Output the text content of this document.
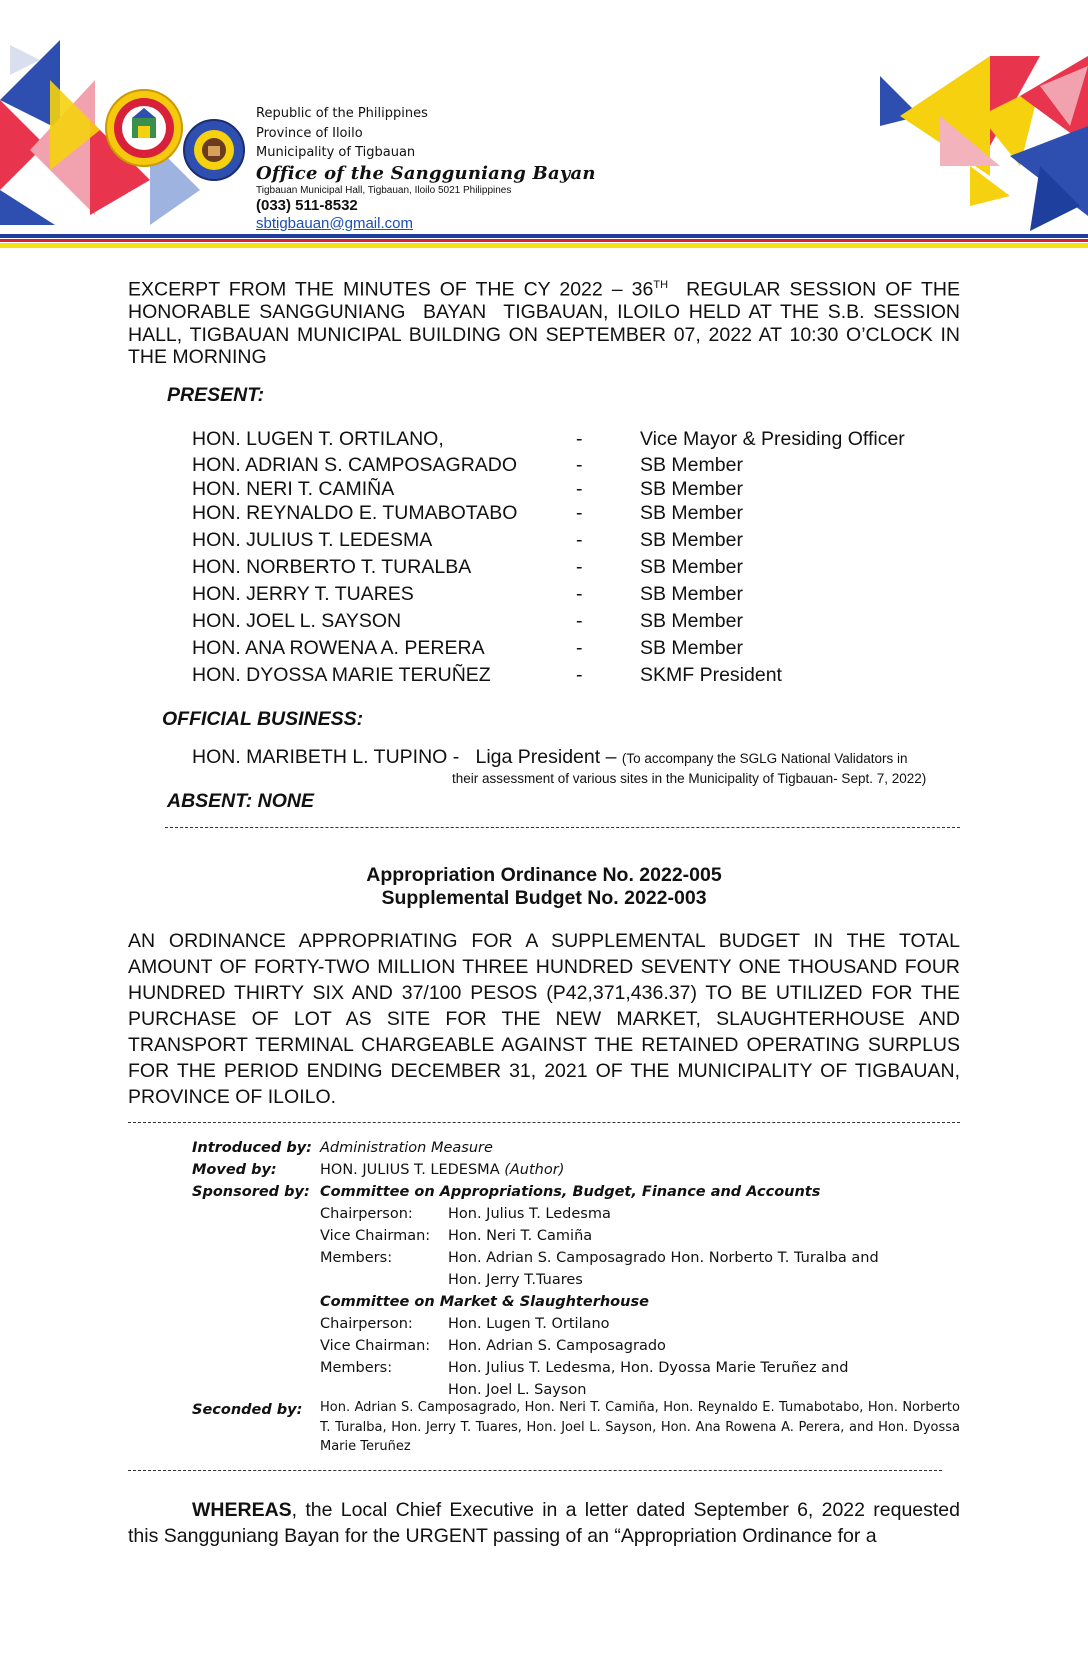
Republic of the Philippines
Province of Iloilo
Municipality of Tigbauan
Office of the Sangguniang Bayan
Tigbauan Municipal Hall, Tigbauan, Iloilo 5021 Philippines
(033) 511-8532
sbtigbauan@gmail.com
EXCERPT FROM THE MINUTES OF THE CY 2022 – 36TH  REGULAR SESSION OF THE HONORABLE SANGGUNIANG  BAYAN  TIGBAUAN, ILOILO HELD AT THE S.B. SESSION HALL, TIGBAUAN MUNICIPAL BUILDING ON SEPTEMBER 07, 2022 AT 10:30 O’CLOCK IN THE MORNING
PRESENT:
HON. LUGEN T. ORTILANO,	-	Vice Mayor & Presiding Officer
HON. ADRIAN S. CAMPOSAGRADO	-	SB Member
HON. NERI T. CAMIÑA	-	SB Member
HON. REYNALDO E. TUMABOTABO	-	SB Member
HON. JULIUS T. LEDESMA	-	SB Member
HON. NORBERTO T. TURALBA	-	SB Member
HON. JERRY T. TUARES	-	SB Member
HON. JOEL L. SAYSON	-	SB Member
HON. ANA ROWENA A. PERERA	-	SB Member
HON. DYOSSA MARIE TERUÑEZ	-	SKMF President
OFFICIAL BUSINESS:
HON. MARIBETH L. TUPINO -   Liga President – (To accompany the SGLG National Validators in
their assessment of various sites in the Municipality of Tigbauan- Sept. 7, 2022)
ABSENT: NONE
Appropriation Ordinance No. 2022-005
Supplemental Budget No. 2022-003
AN ORDINANCE APPROPRIATING FOR A SUPPLEMENTAL BUDGET IN THE TOTAL AMOUNT OF FORTY-TWO MILLION THREE HUNDRED SEVENTY ONE THOUSAND FOUR HUNDRED THIRTY SIX AND 37/100 PESOS (P42,371,436.37) TO BE UTILIZED FOR THE PURCHASE OF LOT AS SITE FOR THE NEW MARKET, SLAUGHTERHOUSE AND TRANSPORT TERMINAL CHARGEABLE AGAINST THE RETAINED OPERATING SURPLUS FOR THE PERIOD ENDING DECEMBER 31, 2021 OF THE MUNICIPALITY OF TIGBAUAN, PROVINCE OF ILOILO.
Introduced by: Administration Measure
Moved by:	HON. JULIUS T. LEDESMA (Author)
Sponsored by: Committee on Appropriations, Budget, Finance and Accounts
Chairperson: Hon. Julius T. Ledesma
Vice Chairman: Hon. Neri T. Camiña
Members:	Hon. Adrian S. Camposagrado Hon. Norberto T. Turalba and
Hon. Jerry T.Tuares
Committee on Market & Slaughterhouse
Chairperson: Hon. Lugen T. Ortilano
Vice Chairman: Hon. Adrian S. Camposagrado
Members:	Hon. Julius T. Ledesma, Hon. Dyossa Marie Teruñez and
Hon. Joel L. Sayson
Seconded by: Hon. Adrian S. Camposagrado, Hon. Neri T. Camiña, Hon. Reynaldo E. Tumabotabo, Hon. Norberto T. Turalba, Hon. Jerry T. Tuares, Hon. Joel L. Sayson, Hon. Ana Rowena A. Perera, and Hon. Dyossa Marie Teruñez
WHEREAS, the Local Chief Executive in a letter dated September 6, 2022 requested this Sangguniang Bayan for the URGENT passing of an “Appropriation Ordinance for a
